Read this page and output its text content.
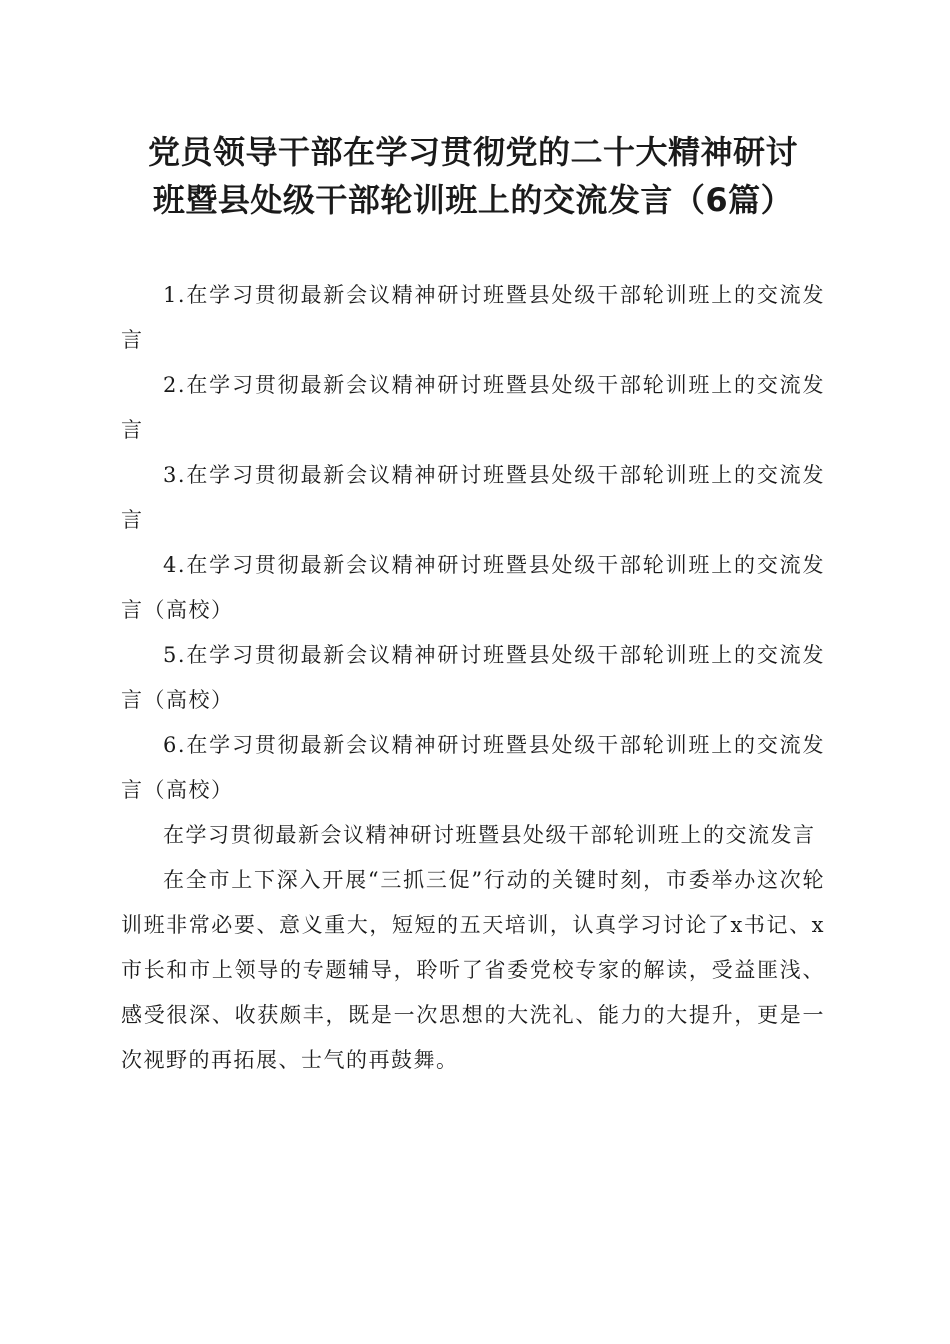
党员领导干部在学习贯彻党的二十大精神研讨
班暨县处级干部轮训班上的交流发言（6篇）

1.在学习贯彻最新会议精神研讨班暨县处级干部轮训班上的交流发言

2.在学习贯彻最新会议精神研讨班暨县处级干部轮训班上的交流发言

3.在学习贯彻最新会议精神研讨班暨县处级干部轮训班上的交流发言

4.在学习贯彻最新会议精神研讨班暨县处级干部轮训班上的交流发言（高校）

5.在学习贯彻最新会议精神研讨班暨县处级干部轮训班上的交流发言（高校）

6.在学习贯彻最新会议精神研讨班暨县处级干部轮训班上的交流发言（高校）

在学习贯彻最新会议精神研讨班暨县处级干部轮训班上的交流发言

在全市上下深入开展“三抓三促”行动的关键时刻，市委举办这次轮训班非常必要、意义重大，短短的五天培训，认真学习讨论了x书记、x市长和市上领导的专题辅导，聆听了省委党校专家的解读，受益匪浅、感受很深、收获颇丰，既是一次思想的大洗礼、能力的大提升，更是一次视野的再拓展、士气的再鼓舞。
